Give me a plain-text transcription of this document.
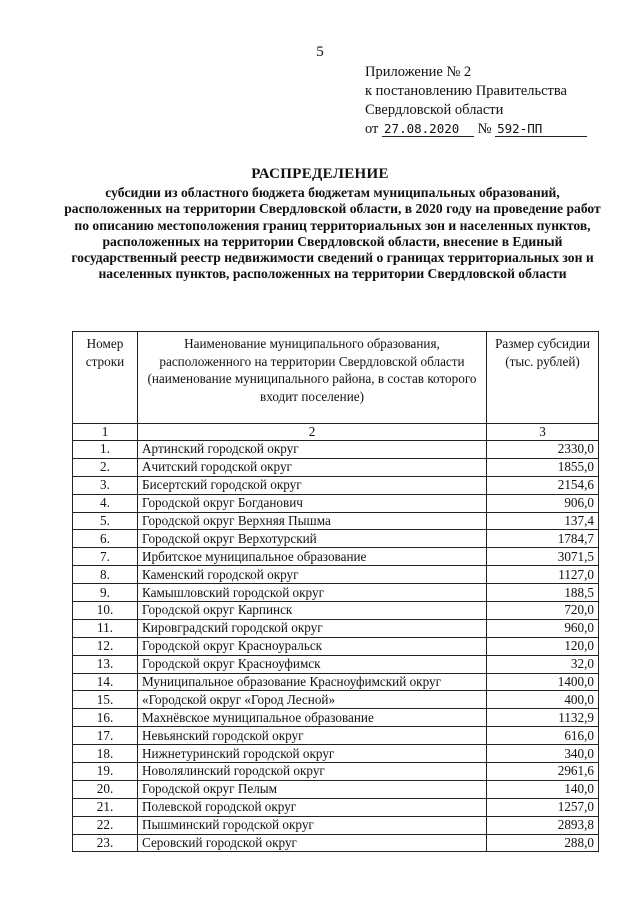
5
Приложение № 2
к постановлению Правительства
Свердловской области
от 27.08.2020 № 592-ПП
РАСПРЕДЕЛЕНИЕ
субсидии из областного бюджета бюджетам муниципальных образований, расположенных на территории Свердловской области, в 2020 году на проведение работ по описанию местоположения границ территориальных зон и населенных пунктов, расположенных на территории Свердловской области, внесение в Единый государственный реестр недвижимости сведений о границах территориальных зон и населенных пунктов, расположенных на территории Свердловской области
Номер строки	Наименование муниципального образования, расположенного на территории Свердловской области (наименование муниципального района, в состав которого входит поселение)	Размер субсидии (тыс. рублей)
1	2	3
1.	Артинский городской округ	2330,0
2.	Ачитский городской округ	1855,0
3.	Бисертский городской округ	2154,6
4.	Городской округ Богданович	906,0
5.	Городской округ Верхняя Пышма	137,4
6.	Городской округ Верхотурский	1784,7
7.	Ирбитское муниципальное образование	3071,5
8.	Каменский городской округ	1127,0
9.	Камышловский городской округ	188,5
10.	Городской округ Карпинск	720,0
11.	Кировградский городской округ	960,0
12.	Городской округ Красноуральск	120,0
13.	Городской округ Красноуфимск	32,0
14.	Муниципальное образование Красноуфимский округ	1400,0
15.	«Городской округ «Город Лесной»	400,0
16.	Махнёвское муниципальное образование	1132,9
17.	Невьянский городской округ	616,0
18.	Нижнетуринский городской округ	340,0
19.	Новолялинский городской округ	2961,6
20.	Городской округ Пелым	140,0
21.	Полевской городской округ	1257,0
22.	Пышминский городской округ	2893,8
23.	Серовский городской округ	288,0
